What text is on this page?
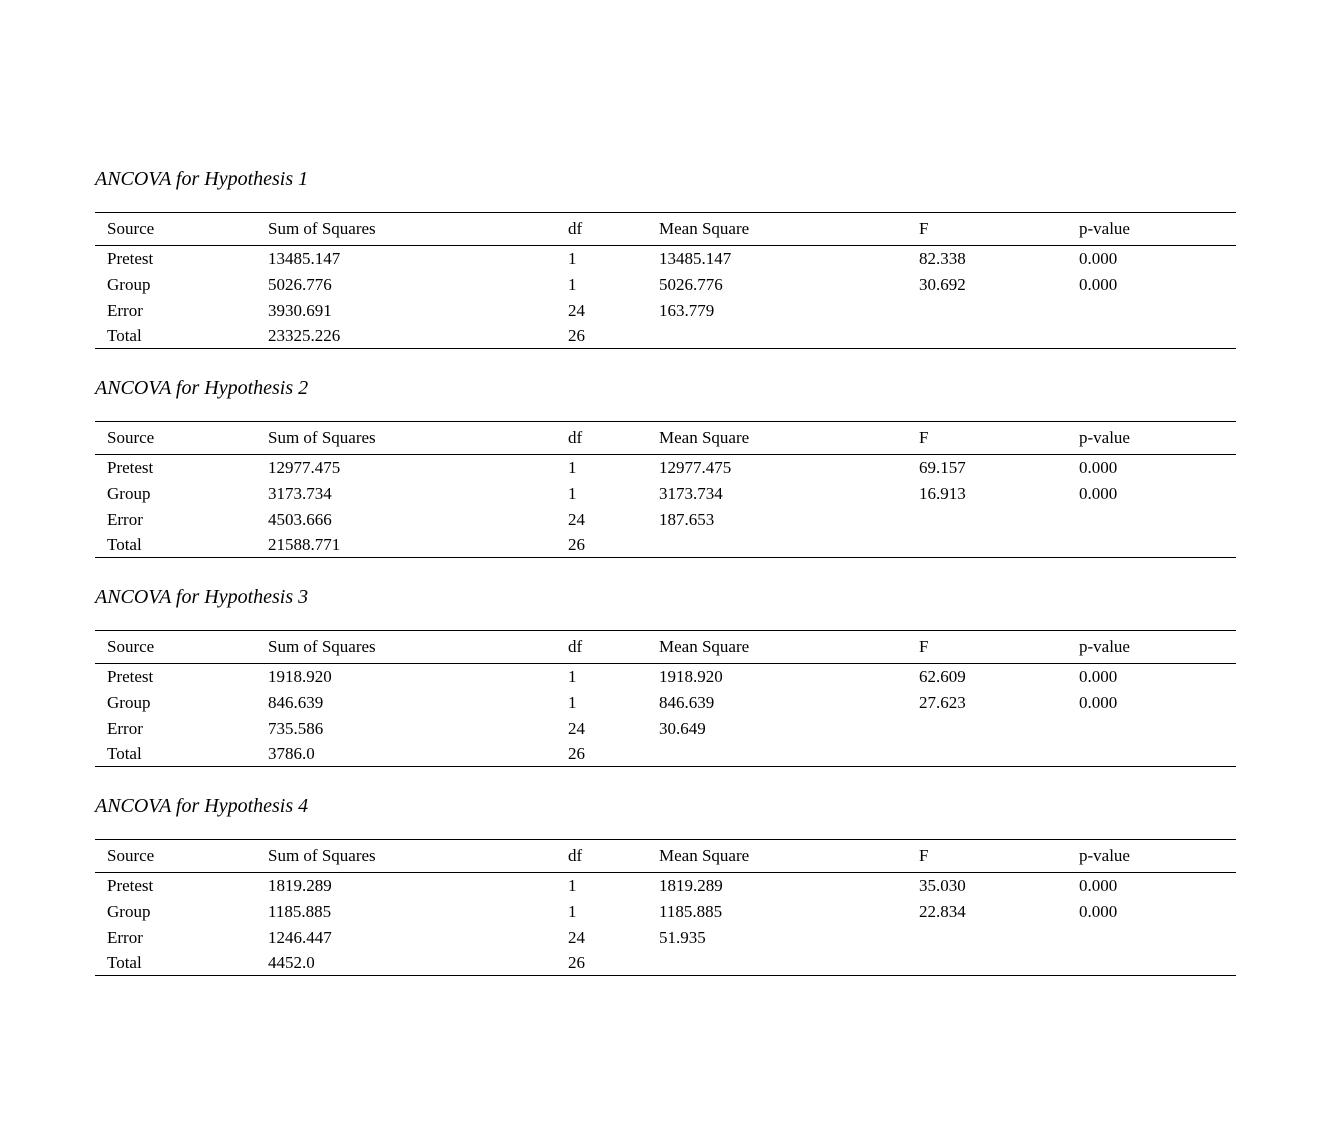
ANCOVA for Hypothesis 1
Source	Sum of Squares	df	Mean Square	F	p-value
Pretest	13485.147	1	13485.147	82.338	0.000
Group	5026.776	1	5026.776	30.692	0.000
Error	3930.691	24	163.779		
Total	23325.226	26			
ANCOVA for Hypothesis 2
Source	Sum of Squares	df	Mean Square	F	p-value
Pretest	12977.475	1	12977.475	69.157	0.000
Group	3173.734	1	3173.734	16.913	0.000
Error	4503.666	24	187.653		
Total	21588.771	26			
ANCOVA for Hypothesis 3
Source	Sum of Squares	df	Mean Square	F	p-value
Pretest	1918.920	1	1918.920	62.609	0.000
Group	846.639	1	846.639	27.623	0.000
Error	735.586	24	30.649		
Total	3786.0	26			
ANCOVA for Hypothesis 4
Source	Sum of Squares	df	Mean Square	F	p-value
Pretest	1819.289	1	1819.289	35.030	0.000
Group	1185.885	1	1185.885	22.834	0.000
Error	1246.447	24	51.935		
Total	4452.0	26			
